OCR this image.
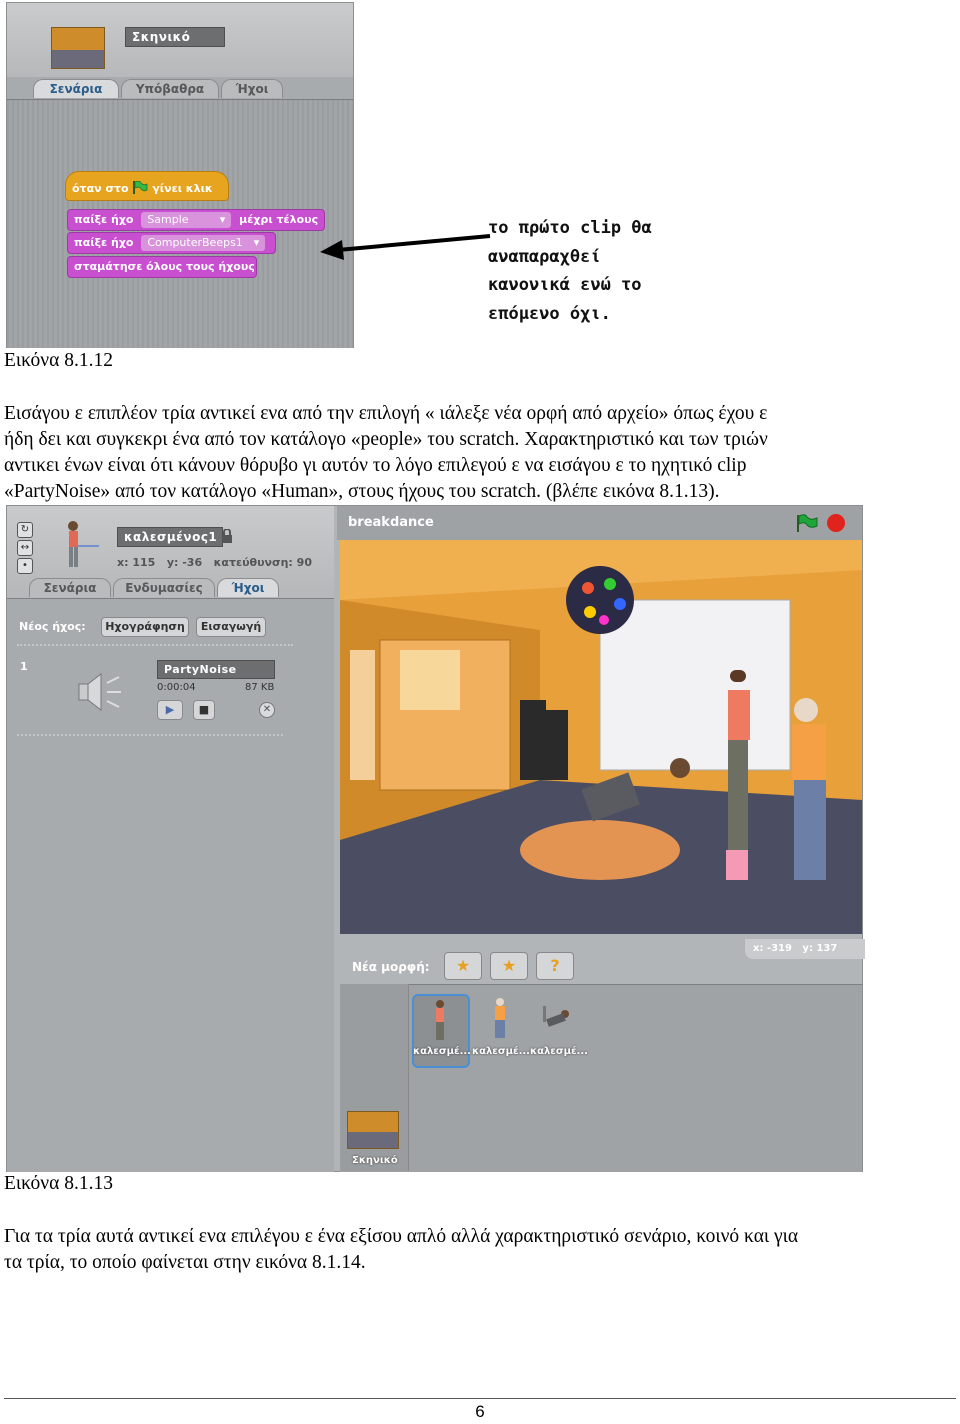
Σκηνικό
Σενάρια	Υπόβαθρα	Ήχοι
όταν στο γίνει κλικ
παίξε ήχο Sample	▾ μέχρι τέλους
παίξε ήχο ComputerBeeps1 ▾
σταμάτησε όλους τους ήχους
το πρώτο clip θα
αναπαραχθεί
κανονικά ενώ το
επόμενο όχι.
Εικόνα 8.1.12
Εισάγου ε επιπλέον τρία αντικεί ενα από την επιλογή « ιάλεξε νέα ορφή από αρχείο» όπως έχου ε
ήδη δει και συγκεκρι ένα από τον κατάλογο «people» του scratch. Χαρακτηριστικό και των τριών
αντικει ένων είναι ότι κάνουν θόρυβο γι αυτόν το λόγο επιλεγού ε να εισάγου ε το ηχητικό clip
«PartyNoise» από τον κατάλογο «Human», στους ήχους του scratch. (βλέπε εικόνα 8.1.13).
↻
↔
•
καλεσμένος1
x: 115 y: -36 κατεύθυνση: 90
Σενάρια	Ενδυμασίες	Ήχοι
Νέος ήχος:	Ηχογράφηση	Εισαγωγή
1	PartyNoise
0:00:04	87 KB
▶	■	✕
breakdance
Νέα μορφή:	★	★	?
x: -319 y: 137
καλεσμέ... καλεσμέ... καλεσμέ...
Σκηνικό
Εικόνα 8.1.13
Για τα τρία αυτά αντικεί ενα επιλέγου ε ένα εξίσου απλό αλλά χαρακτηριστικό σενάριο, κοινό και για
τα τρία, το οποίο φαίνεται στην εικόνα 8.1.14.
6
